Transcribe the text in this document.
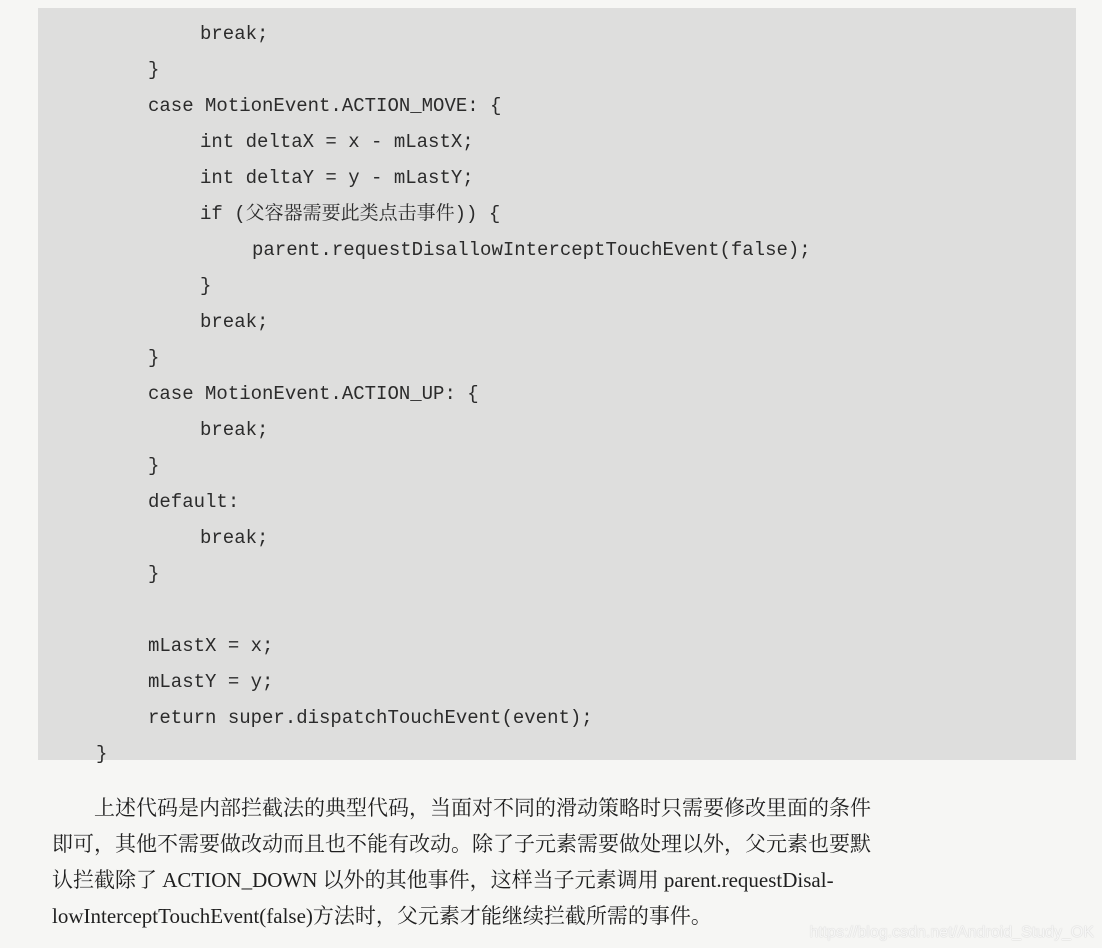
break;
}
case MotionEvent.ACTION_MOVE: {
int deltaX = x - mLastX;
int deltaY = y - mLastY;
if (父容器需要此类点击事件)) {
parent.requestDisallowInterceptTouchEvent(false);
}
break;
}
case MotionEvent.ACTION_UP: {
break;
}
default:
break;
}
mLastX = x;
mLastY = y;
return super.dispatchTouchEvent(event);
}
上述代码是内部拦截法的典型代码，当面对不同的滑动策略时只需要修改里面的条件
即可，其他不需要做改动而且也不能有改动。除了子元素需要做处理以外，父元素也要默
认拦截除了 ACTION_DOWN 以外的其他事件，这样当子元素调用 parent.requestDisal-
lowInterceptTouchEvent(false)方法时，父元素才能继续拦截所需的事件。
https://blog.csdn.net/Android_Study_OK
